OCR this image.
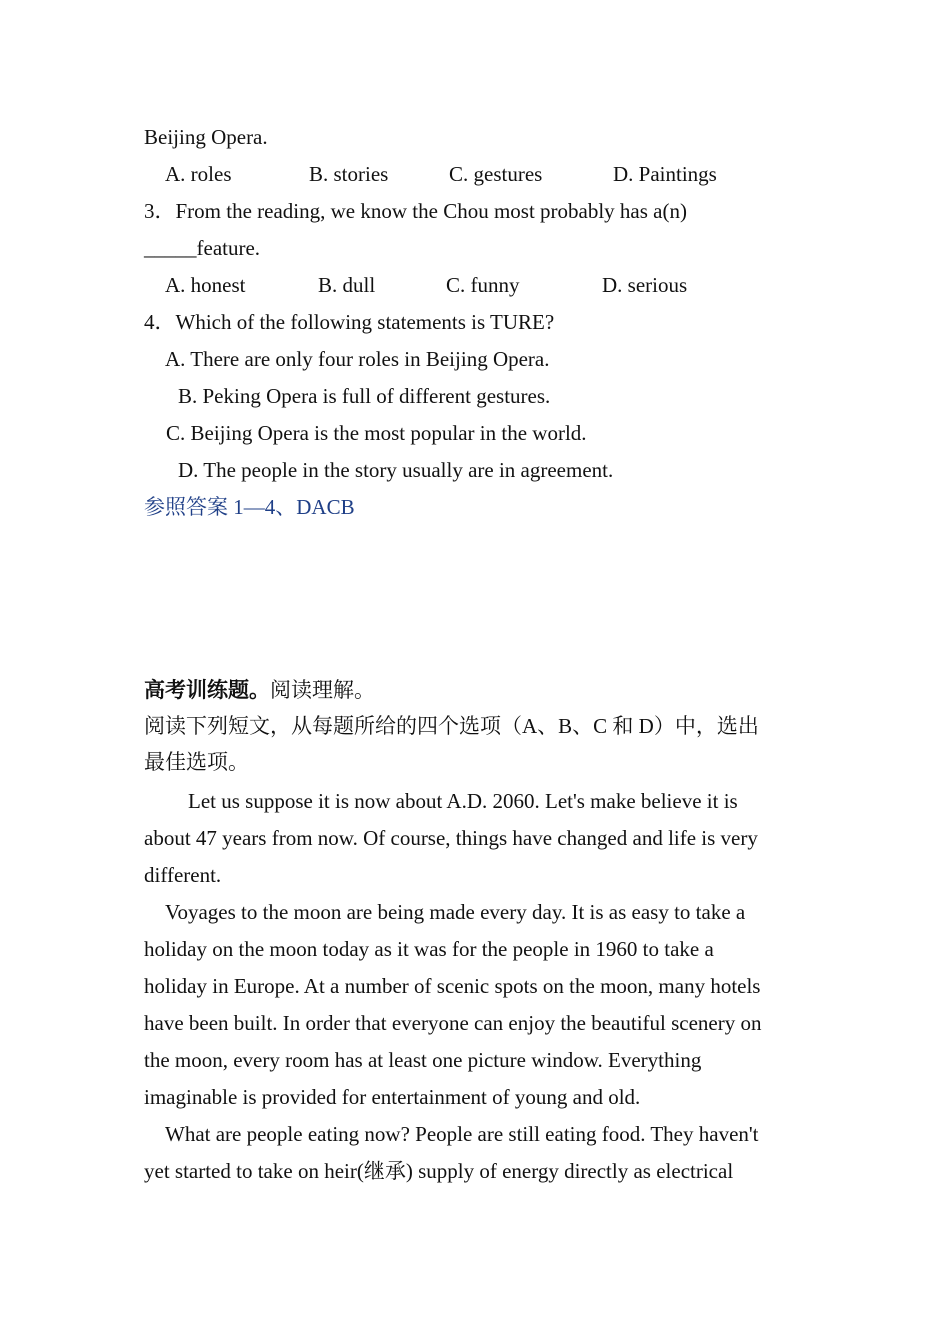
Beijing Opera.
A. roles	B. stories	C. gestures	D. Paintings
3．From the reading, we know the Chou most probably has a(n)
_____feature.
A. honest	B. dull	C. funny	D. serious
4．Which of the following statements is TURE?
A. There are only four roles in Beijing Opera.
B. Peking Opera is full of different gestures.
C. Beijing Opera is the most popular in the world.
D. The people in the story usually are in agreement.
参照答案 1—4、DACB
高考训练题。阅读理解。
阅读下列短文，从每题所给的四个选项（A、B、C 和 D）中，选出
最佳选项。
Let us suppose it is now about A.D. 2060. Let's make believe it is
about 47 years from now. Of course, things have changed and life is very
different.
Voyages to the moon are being made every day. It is as easy to take a
holiday on the moon today as it was for the people in 1960 to take a
holiday in Europe. At a number of scenic spots on the moon, many hotels
have been built. In order that everyone can enjoy the beautiful scenery on
the moon, every room has at least one picture window. Everything
imaginable is provided for entertainment of young and old.
What are people eating now? People are still eating food. They haven't
yet started to take on heir(继承) supply of energy directly as electrical
